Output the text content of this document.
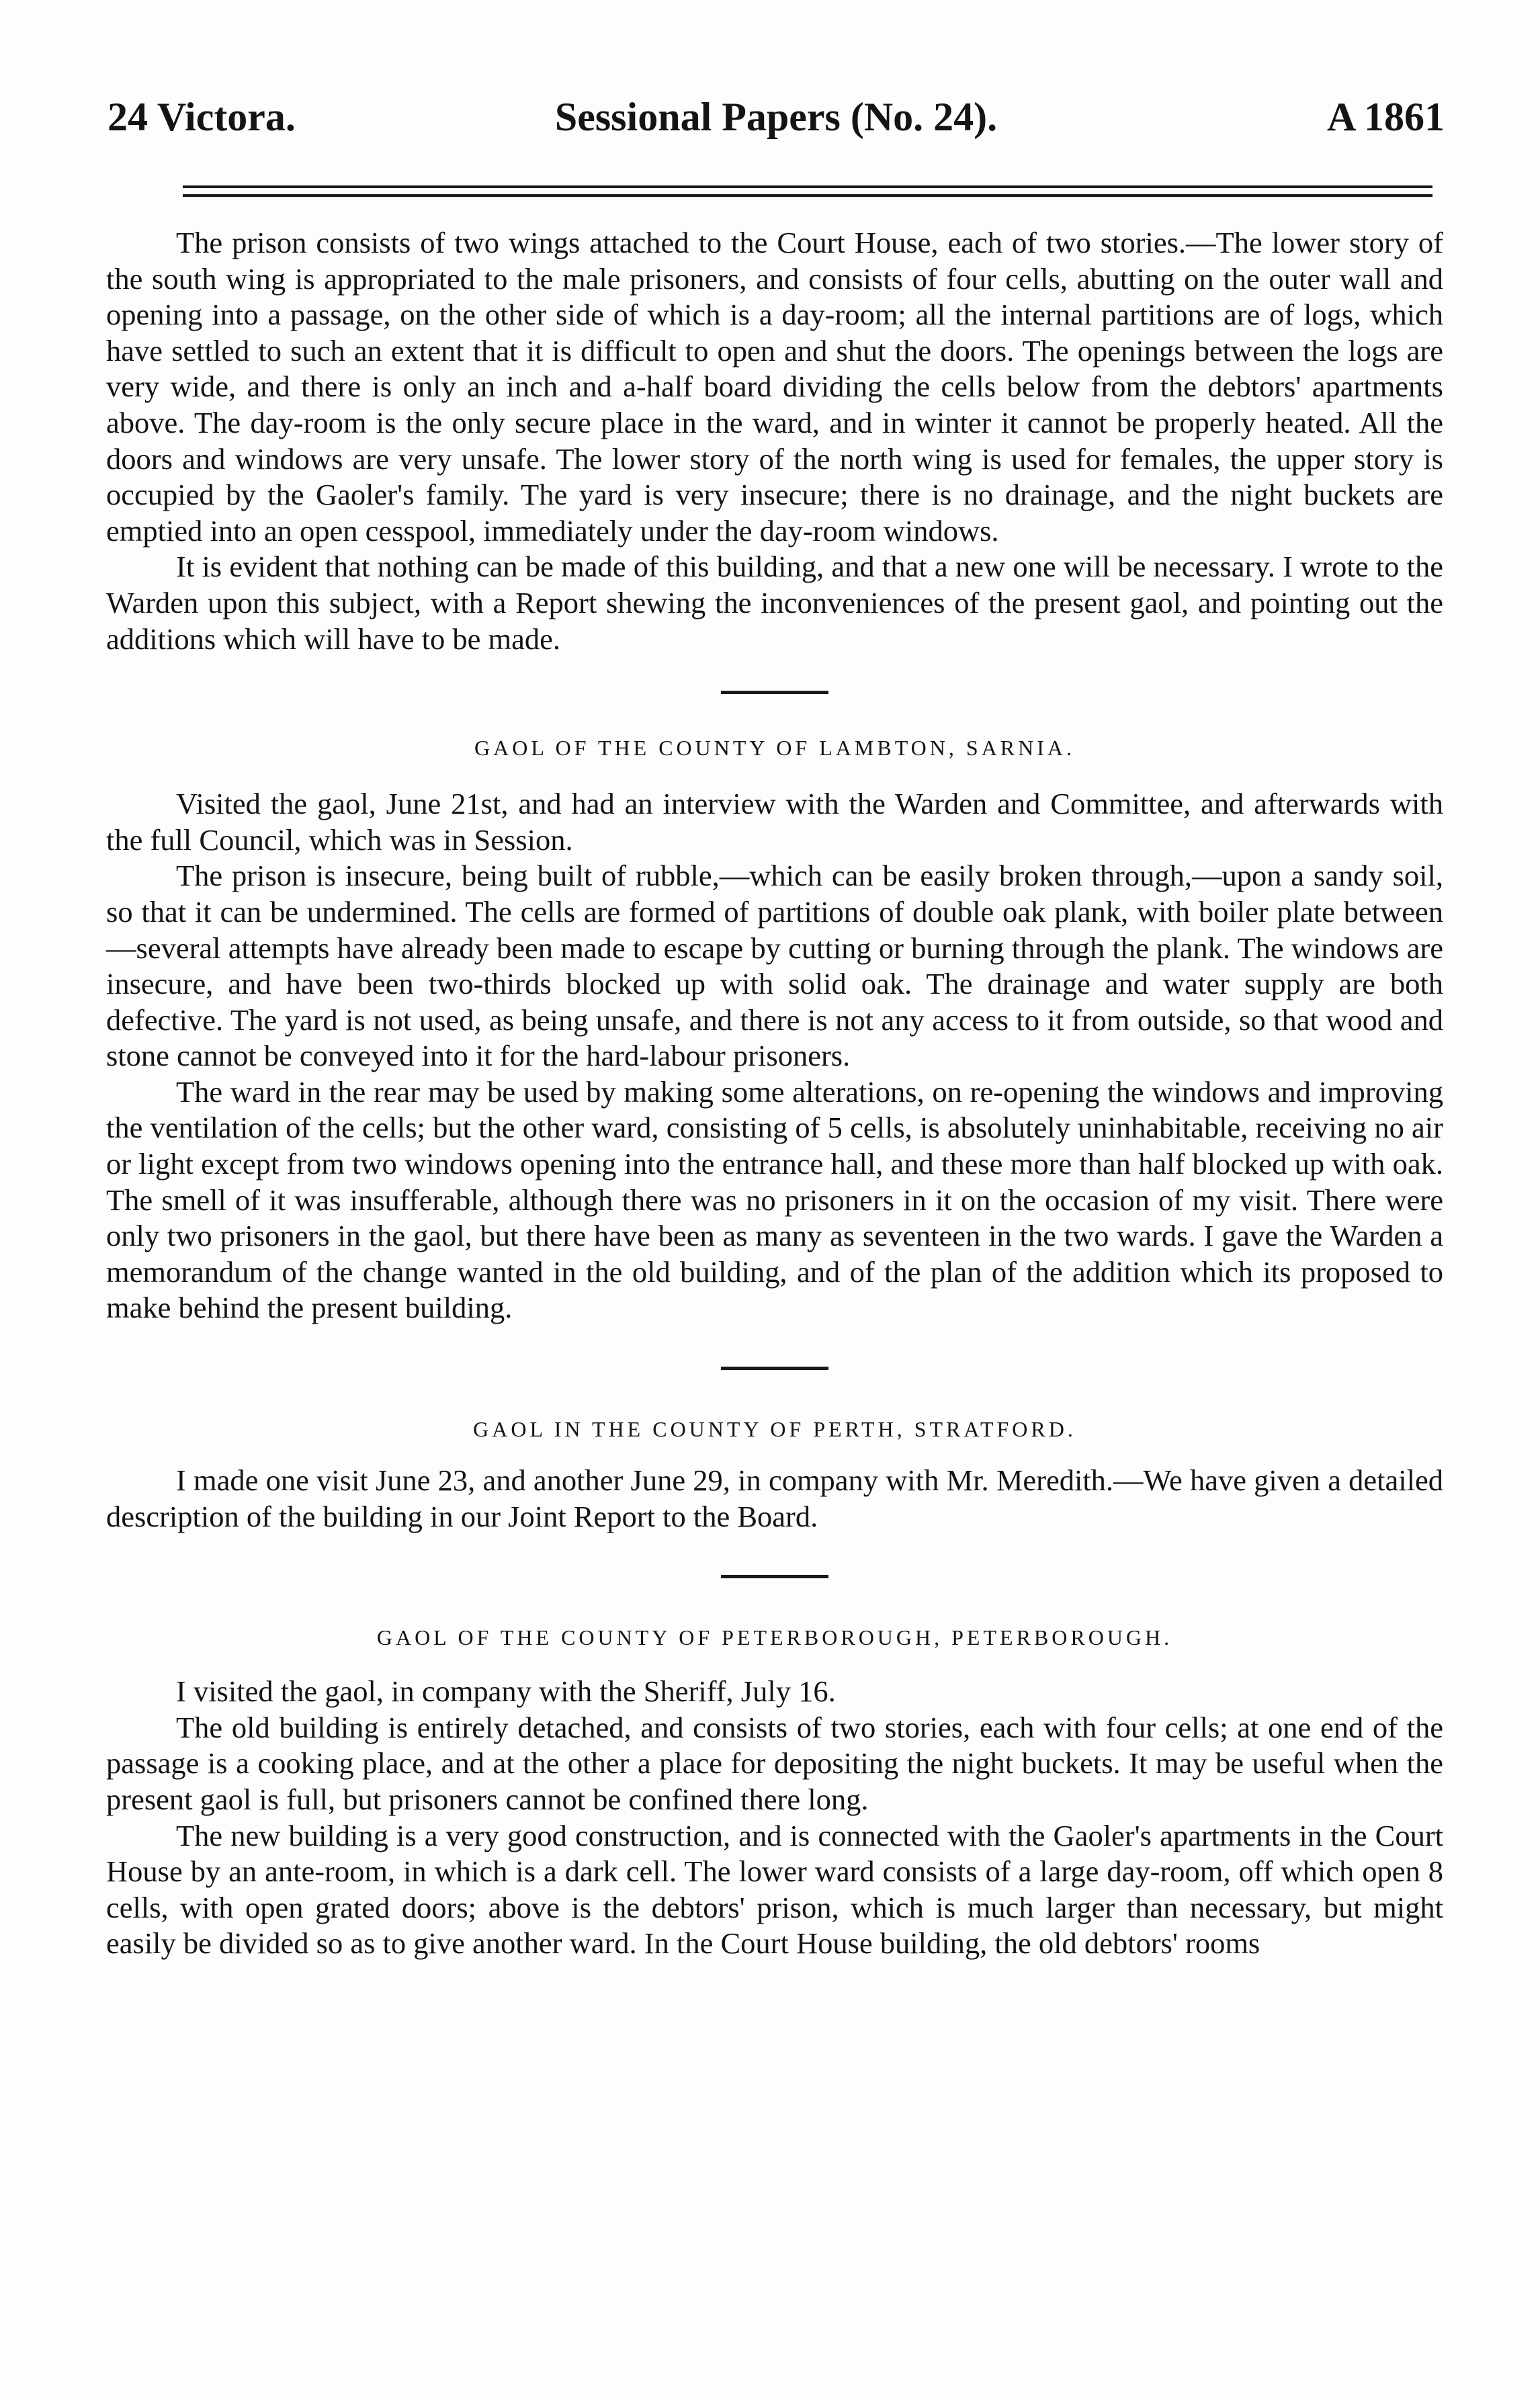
24 Victora.	Sessional Papers (No. 24).	A 1861

The prison consists of two wings attached to the Court House, each of two stories.—The lower story of the south wing is appropriated to the male prisoners, and consists of four cells, abutting on the outer wall and opening into a passage, on the other side of which is a day-room; all the internal partitions are of logs, which have settled to such an extent that it is difficult to open and shut the doors. The openings between the logs are very wide, and there is only an inch and a-half board dividing the cells below from the debtors' apartments above. The day-room is the only secure place in the ward, and in winter it cannot be properly heated. All the doors and windows are very unsafe. The lower story of the north wing is used for females, the upper story is occupied by the Gaoler's family. The yard is very insecure; there is no drainage, and the night buckets are emptied into an open cesspool, immediately under the day-room windows.

It is evident that nothing can be made of this building, and that a new one will be necessary. I wrote to the Warden upon this subject, with a Report shewing the inconveniences of the present gaol, and pointing out the additions which will have to be made.

GAOL OF THE COUNTY OF LAMBTON, SARNIA.

Visited the gaol, June 21st, and had an interview with the Warden and Committee, and afterwards with the full Council, which was in Session.

The prison is insecure, being built of rubble,—which can be easily broken through,—upon a sandy soil, so that it can be undermined. The cells are formed of partitions of double oak plank, with boiler plate between—several attempts have already been made to escape by cutting or burning through the plank. The windows are insecure, and have been two-thirds blocked up with solid oak. The drainage and water supply are both defective. The yard is not used, as being unsafe, and there is not any access to it from outside, so that wood and stone cannot be conveyed into it for the hard-labour prisoners.

The ward in the rear may be used by making some alterations, on re-opening the windows and improving the ventilation of the cells; but the other ward, consisting of 5 cells, is absolutely uninhabitable, receiving no air or light except from two windows opening into the entrance hall, and these more than half blocked up with oak. The smell of it was insufferable, although there was no prisoners in it on the occasion of my visit. There were only two prisoners in the gaol, but there have been as many as seventeen in the two wards. I gave the Warden a memorandum of the change wanted in the old building, and of the plan of the addition which its proposed to make behind the present building.

GAOL IN THE COUNTY OF PERTH, STRATFORD.

I made one visit June 23, and another June 29, in company with Mr. Meredith.—We have given a detailed description of the building in our Joint Report to the Board.

GAOL OF THE COUNTY OF PETERBOROUGH, PETERBOROUGH.

I visited the gaol, in company with the Sheriff, July 16.

The old building is entirely detached, and consists of two stories, each with four cells; at one end of the passage is a cooking place, and at the other a place for depositing the night buckets. It may be useful when the present gaol is full, but prisoners cannot be confined there long.

The new building is a very good construction, and is connected with the Gaoler's apartments in the Court House by an ante-room, in which is a dark cell. The lower ward consists of a large day-room, off which open 8 cells, with open grated doors; above is the debtors' prison, which is much larger than necessary, but might easily be divided so as to give another ward. In the Court House building, the old debtors' rooms
